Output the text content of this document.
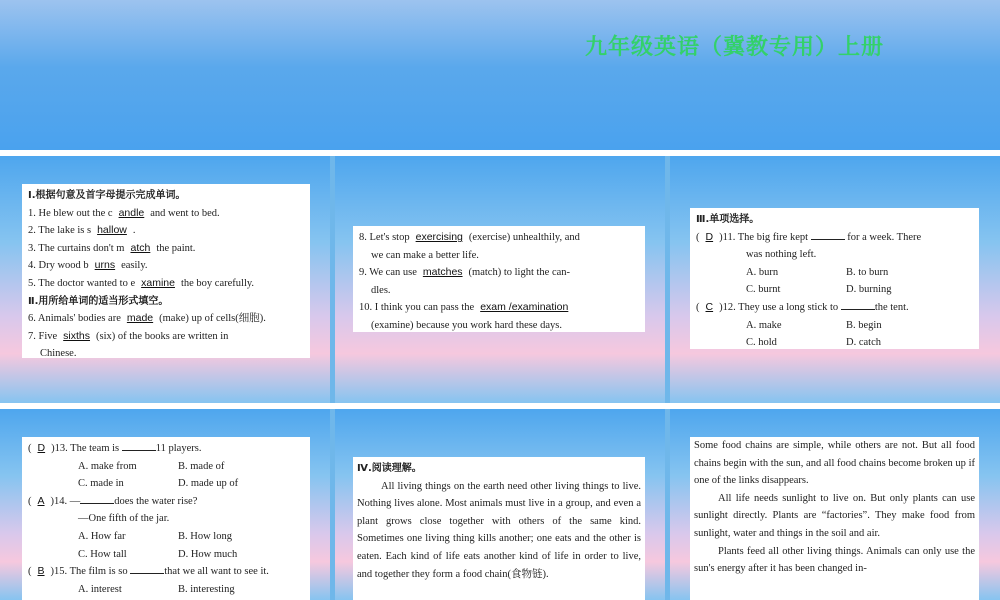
九年级英语（冀教专用）上册
Ⅰ.根据句意及首字母提示完成单词。
1. He blew out the c andle and went to bed.
2. The lake is s hallow .
3. The curtains don't m atch the paint.
4. Dry wood b urns easily.
5. The doctor wanted to e xamine the boy carefully.
Ⅱ.用所给单词的适当形式填空。
6. Animals' bodies are made (make) up of cells(细胞).
7. Five sixths (six) of the books are written in
Chinese.
8. Let's stop exercising (exercise) unhealthily, and
we can make a better life.
9. We can use matches (match) to light the can-
dles.
10. I think you can pass the exam /examination
(examine) because you work hard these days.
Ⅲ.单项选择。
( D )11. The big fire kept	for a week. There
was nothing left.
A. burn	B. to burn
C. burnt	D. burning
( C )12. They use a long stick to	the tent.
A. make	B. begin
C. hold	D. catch
( D )13. The team is	11 players.
A. make from	B. made of
C. made in	D. made up of
( A )14. —	does the water rise?
—One fifth of the jar.
A. How far	B. How long
C. How tall	D. How much
( B )15. The film is so	that we all want to see it.
A. interest	B. interesting
Ⅳ.阅读理解。
All living things on the earth need other living things to live. Nothing lives alone. Most animals must live in a group, and even a plant grows close together with others of the same kind. Sometimes one living thing kills another; one eats and the other is eaten. Each kind of life eats another kind of life in order to live, and together they form a food chain(食物链).
Some food chains are simple, while others are not. But all food chains begin with the sun, and all food chains become broken up if one of the links disappears.
All life needs sunlight to live on. But only plants can use sunlight directly. Plants are “factories”. They make food from sunlight, water and things in the soil and air.
Plants feed all other living things. Animals can only use the sun's energy after it has been changed in-
